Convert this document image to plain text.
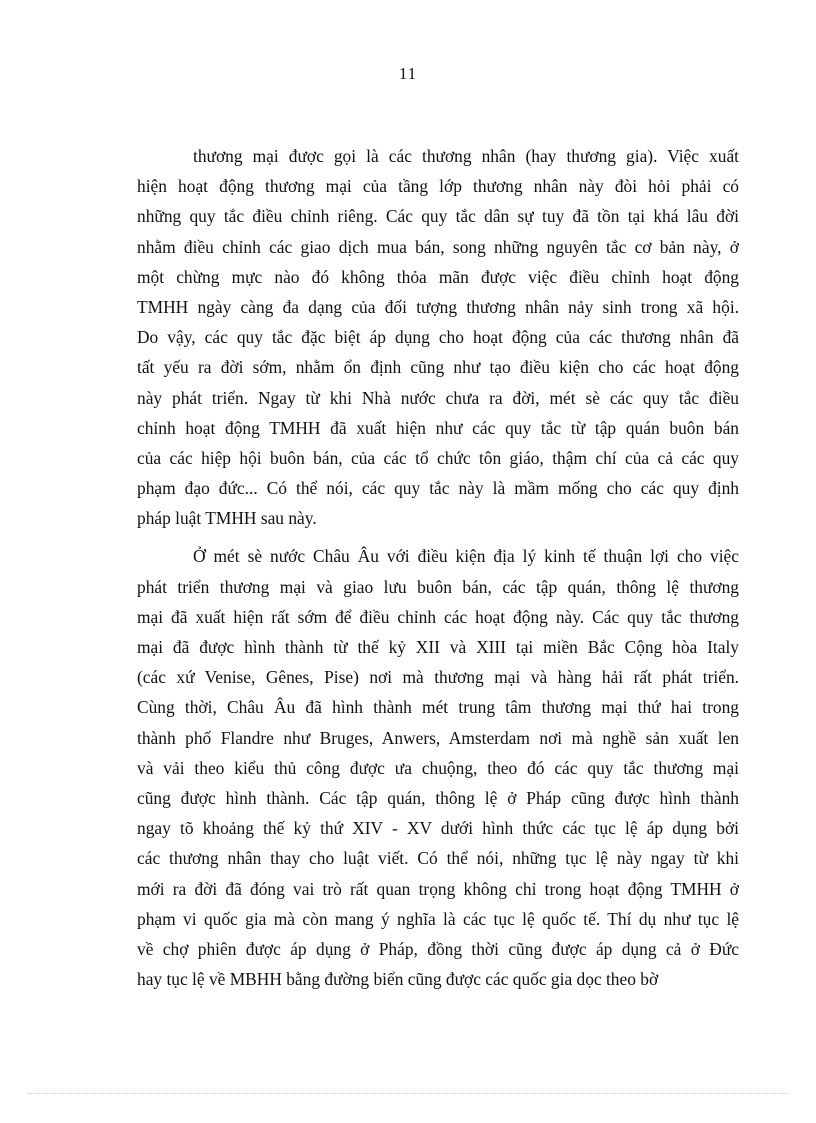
11
thương mại được gọi là các thương nhân (hay thương gia). Việc xuất
hiện hoạt động thương mại của tầng lớp thương nhân này đòi hỏi phải có
những quy tắc điều chỉnh riêng. Các quy tắc dân sự tuy đã tồn tại khá lâu đời
nhằm điều chỉnh các giao dịch mua bán, song những nguyên tắc cơ bản này, ở
một chừng mực nào đó không thỏa mãn được việc điều chỉnh hoạt động
TMHH ngày càng đa dạng của đối tượng thương nhân nảy sinh trong xã hội.
Do vậy, các quy tắc đặc biệt áp dụng cho hoạt động của các thương nhân đã
tất yếu ra đời sớm, nhằm ổn định cũng như tạo điều kiện cho các hoạt động
này phát triển. Ngay từ khi Nhà nước chưa ra đời, mét sè các quy tắc điều
chỉnh hoạt động TMHH đã xuất hiện như các quy tắc từ tập quán buôn bán
của các hiệp hội buôn bán, của các tổ chức tôn giáo, thậm chí của cả các quy
phạm đạo đức... Có thể nói, các quy tắc này là mầm mống cho các quy định
pháp luật TMHH sau này.
Ở mét sè nước Châu Âu với điều kiện địa lý kinh tế thuận lợi cho việc
phát triển thương mại và giao lưu buôn bán, các tập quán, thông lệ thương
mại đã xuất hiện rất sớm để điều chỉnh các hoạt động này. Các quy tắc thương
mại đã được hình thành từ thế kỷ XII và XIII tại miền Bắc Cộng hòa Italy
(các xứ Venise, Gênes, Pise) nơi mà thương mại và hàng hải rất phát triển.
Cùng thời, Châu Âu đã hình thành mét trung tâm thương mại thứ hai trong
thành phố Flandre như Bruges, Anwers, Amsterdam nơi mà nghề sản xuất len
và vải theo kiểu thủ công được ưa chuộng, theo đó các quy tắc thương mại
cũng được hình thành. Các tập quán, thông lệ ở Pháp cũng được hình thành
ngay tõ khoảng thế kỷ thứ XIV - XV dưới hình thức các tục lệ áp dụng bởi
các thương nhân thay cho luật viết. Có thể nói, những tục lệ này ngay từ khi
mới ra đời đã đóng vai trò rất quan trọng không chỉ trong hoạt động TMHH ở
phạm vi quốc gia mà còn mang ý nghĩa là các tục lệ quốc tế. Thí dụ như tục lệ
về chợ phiên được áp dụng ở Pháp, đồng thời cũng được áp dụng cả ở Đức
hay tục lệ về MBHH bằng đường biển cũng được các quốc gia dọc theo bờ
